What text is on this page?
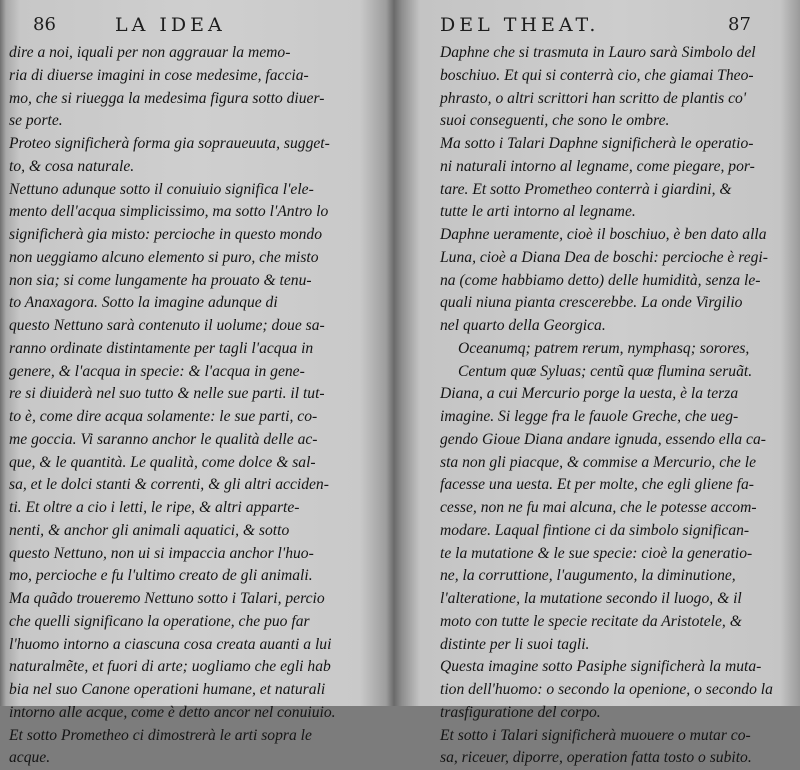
86	LA IDEA
dire a noi, iquali per non aggrauar la memo-
ria di diuerse imagini in cose medesime, faccia-
mo, che si riuegga la medesima figura sotto diuer-
se porte.
Proteo significherà forma gia sopraueuuta, sugget-
to, & cosa naturale.
Nettuno adunque sotto il conuiuio significa l'ele-
mento dell'acqua simplicissimo, ma sotto l'Antro lo
significherà gia misto: percioche in questo mondo
non ueggiamo alcuno elemento si puro, che misto
non sia; si come lungamente ha prouato & tenu-
to Anaxagora. Sotto la imagine adunque di
questo Nettuno sarà contenuto il uolume; doue sa-
ranno ordinate distintamente per tagli l'acqua in
genere, & l'acqua in specie: & l'acqua in gene-
re si diuiderà nel suo tutto & nelle sue parti. il tut-
to è, come dire acqua solamente: le sue parti, co-
me goccia. Vi saranno anchor le qualità delle ac-
que, & le quantità. Le qualità, come dolce & sal-
sa, et le dolci stanti & correnti, & gli altri acciden-
ti. Et oltre a cio i letti, le ripe, & altri apparte-
nenti, & anchor gli animali aquatici, & sotto
questo Nettuno, non ui si impaccia anchor l'huo-
mo, percioche e fu l'ultimo creato de gli animali.
Ma quãdo troueremo Nettuno sotto i Talari, percio
che quelli significano la operatione, che puo far
l'huomo intorno a ciascuna cosa creata auanti a lui
naturalmẽte, et fuori di arte; uogliamo che egli hab
bia nel suo Canone operationi humane, et naturali
intorno alle acque, come è detto ancor nel conuiuio.
Et sotto Prometheo ci dimostrerà le arti sopra le
acque.
DEL THEAT.	87
Daphne che si trasmuta in Lauro sarà Simbolo del
boschiuo. Et qui si conterrà cio, che giamai Theo-
phrasto, o altri scrittori han scritto de plantis co'
suoi conseguenti, che sono le ombre.
Ma sotto i Talari Daphne significherà le operatio-
ni naturali intorno al legname, come piegare, por-
tare. Et sotto Prometheo conterrà i giardini, &
tutte le arti intorno al legname.
Daphne ueramente, cioè il boschiuo, è ben dato alla
Luna, cioè a Diana Dea de boschi: percioche è regi-
na (come habbiamo detto) delle humidità, senza le-
quali niuna pianta crescerebbe. La onde Virgilio
nel quarto della Georgica.
Oceanumq; patrem rerum, nymphasq; sorores,
Centum quæ Syluas; centũ quæ flumina seruãt.
Diana, a cui Mercurio porge la uesta, è la terza
imagine. Si legge fra le fauole Greche, che ueg-
gendo Gioue Diana andare ignuda, essendo ella ca-
sta non gli piacque, & commise a Mercurio, che le
facesse una uesta. Et per molte, che egli gliene fa-
cesse, non ne fu mai alcuna, che le potesse accom-
modare. Laqual fintione ci da simbolo significan-
te la mutatione & le sue specie: cioè la generatio-
ne, la corruttione, l'augumento, la diminutione,
l'alteratione, la mutatione secondo il luogo, & il
moto con tutte le specie recitate da Aristotele, &
distinte per li suoi tagli.
Questa imagine sotto Pasiphe significherà la muta-
tion dell'huomo: o secondo la openione, o secondo la
trasfiguratione del corpo.
Et sotto i Talari significherà muouere o mutar co-
sa, riceuer, diporre, operation fatta tosto o subito.
